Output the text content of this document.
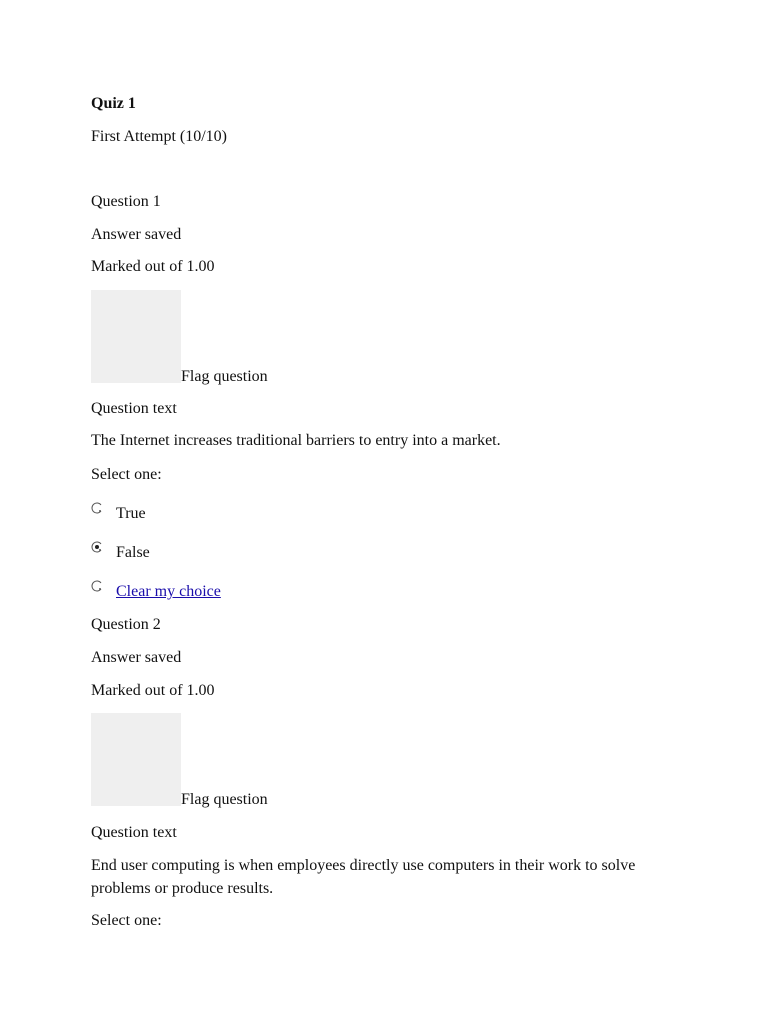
Quiz 1
First Attempt (10/10)
Question 1
Answer saved
Marked out of 1.00
Flag question
Question text
The Internet increases traditional barriers to entry into a market.
Select one:
True
False
Clear my choice
Question 2
Answer saved
Marked out of 1.00
Flag question
Question text
End user computing is when employees directly use computers in their work to solve problems or produce results.
Select one:
